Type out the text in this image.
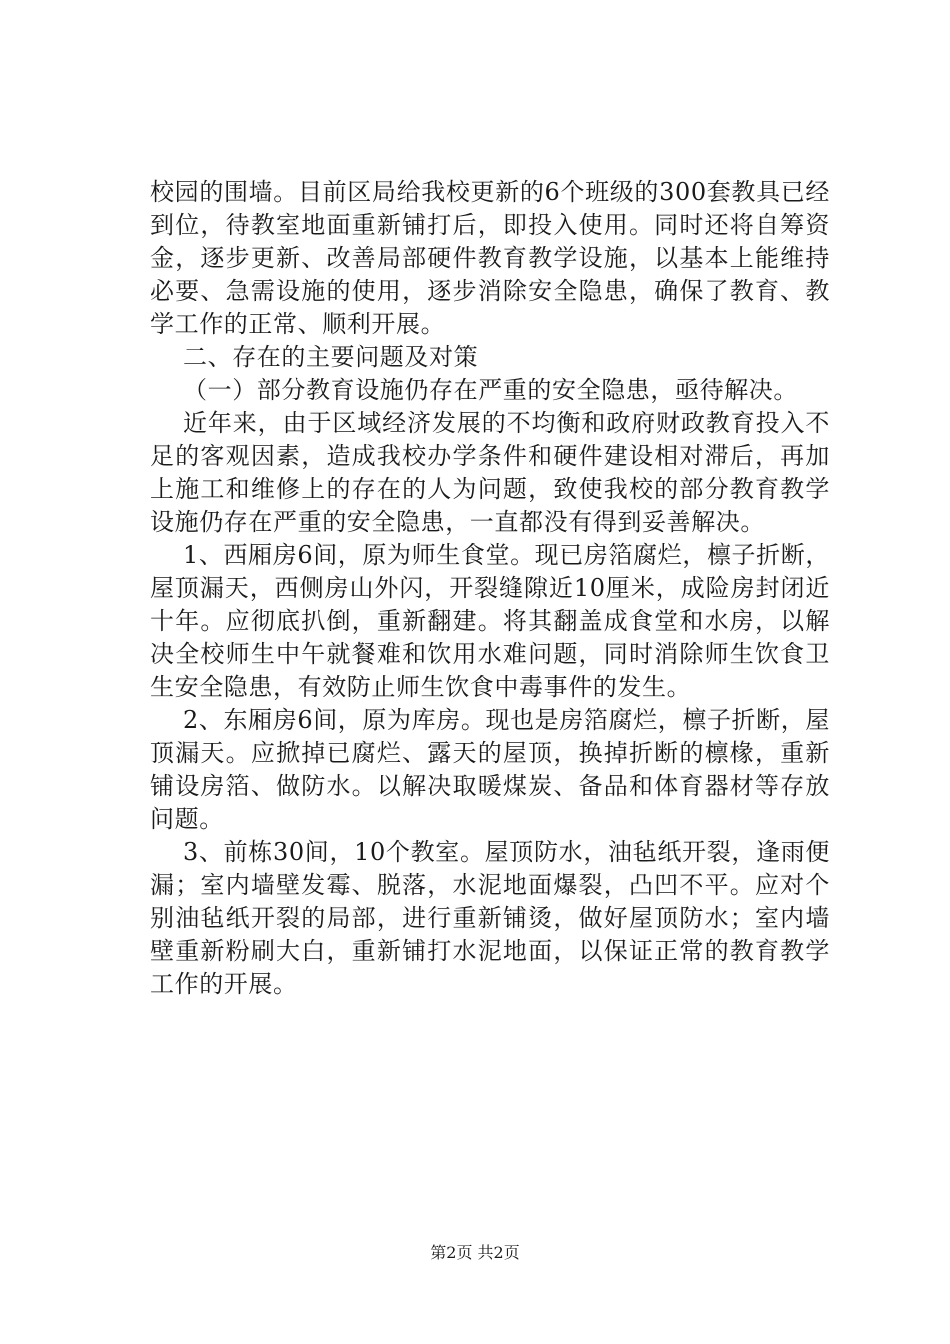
校园的围墙。目前区局给我校更新的6个班级的300套教具已经到位，待教室地面重新铺打后，即投入使用。同时还将自筹资金，逐步更新、改善局部硬件教育教学设施，以基本上能维持必要、急需设施的使用，逐步消除安全隐患，确保了教育、教学工作的正常、顺利开展。

二、存在的主要问题及对策

（一）部分教育设施仍存在严重的安全隐患，亟待解决。

近年来，由于区域经济发展的不均衡和政府财政教育投入不足的客观因素，造成我校办学条件和硬件建设相对滞后，再加上施工和维修上的存在的人为问题，致使我校的部分教育教学设施仍存在严重的安全隐患，一直都没有得到妥善解决。

1、西厢房6间，原为师生食堂。现已房箔腐烂，檩子折断，屋顶漏天，西侧房山外闪，开裂缝隙近10厘米，成险房封闭近十年。应彻底扒倒，重新翻建。将其翻盖成食堂和水房，以解决全校师生中午就餐难和饮用水难问题，同时消除师生饮食卫生安全隐患，有效防止师生饮食中毒事件的发生。

2、东厢房6间，原为库房。现也是房箔腐烂，檩子折断，屋顶漏天。应掀掉已腐烂、露天的屋顶，换掉折断的檩椽，重新铺设房箔、做防水。以解决取暖煤炭、备品和体育器材等存放问题。

3、前栋30间，10个教室。屋顶防水，油毡纸开裂，逢雨便漏；室内墙壁发霉、脱落，水泥地面爆裂，凸凹不平。应对个别油毡纸开裂的局部，进行重新铺烫，做好屋顶防水；室内墙壁重新粉刷大白，重新铺打水泥地面，以保证正常的教育教学工作的开展。

第2页 共2页
